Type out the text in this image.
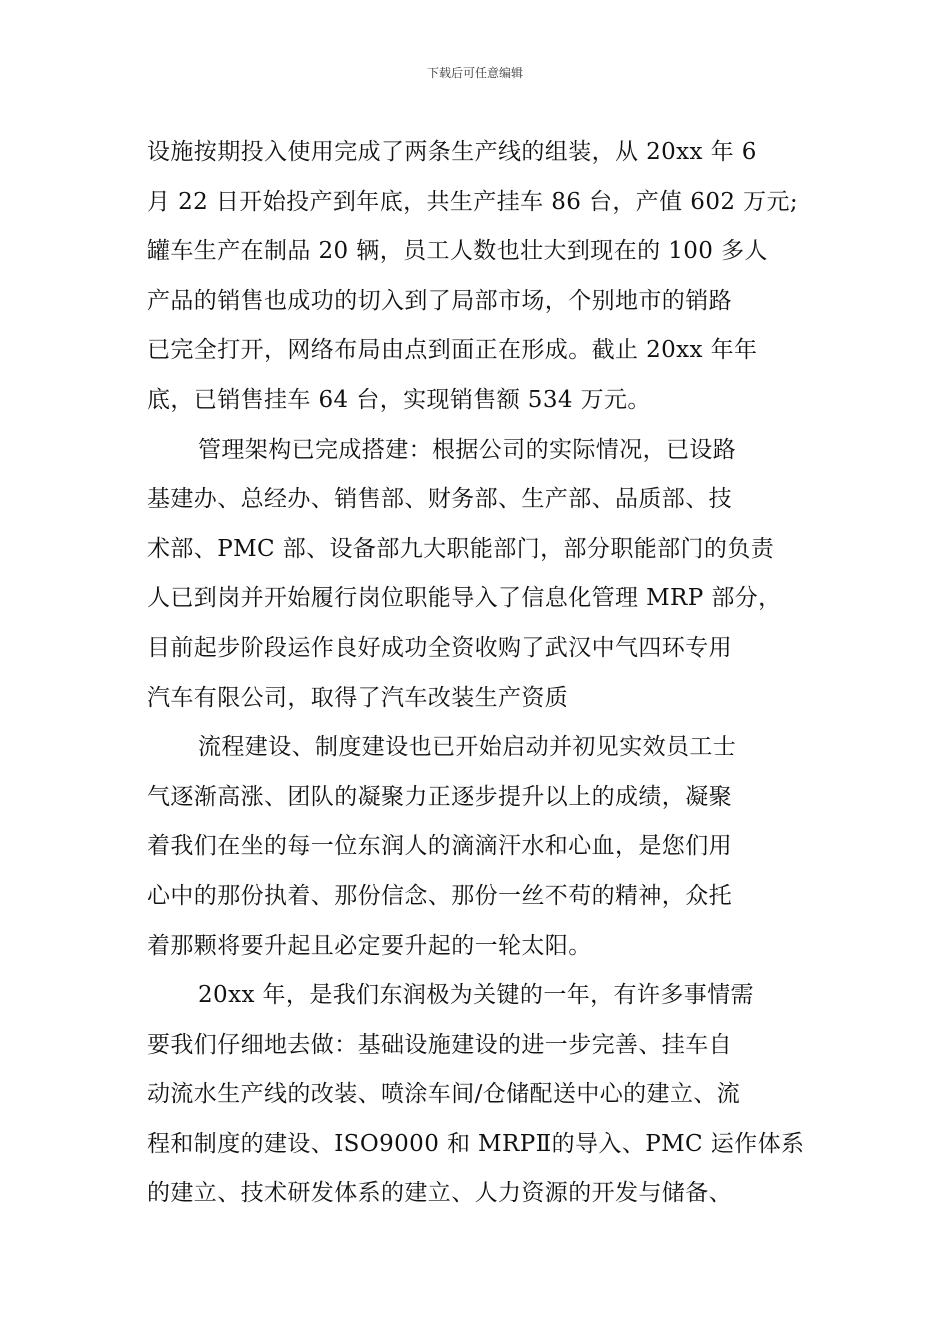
下载后可任意编辑
设施按期投入使用完成了两条生产线的组装，从 20xx 年 6
月 22 日开始投产到年底，共生产挂车 86 台，产值 602 万元;
罐车生产在制品 20 辆，员工人数也壮大到现在的 100 多人
产品的销售也成功的切入到了局部市场，个别地市的销路
已完全打开，网络布局由点到面正在形成。截止 20xx 年年
底，已销售挂车 64 台，实现销售额 534 万元。
管理架构已完成搭建：根据公司的实际情况，已设路
基建办、总经办、销售部、财务部、生产部、品质部、技
术部、PMC 部、设备部九大职能部门，部分职能部门的负责
人已到岗并开始履行岗位职能导入了信息化管理 MRP 部分，
目前起步阶段运作良好成功全资收购了武汉中气四环专用
汽车有限公司，取得了汽车改装生产资质
流程建设、制度建设也已开始启动并初见实效员工士
气逐渐高涨、团队的凝聚力正逐步提升以上的成绩，凝聚
着我们在坐的每一位东润人的滴滴汗水和心血，是您们用
心中的那份执着、那份信念、那份一丝不苟的精神，众托
着那颗将要升起且必定要升起的一轮太阳。
20xx 年，是我们东润极为关键的一年，有许多事情需
要我们仔细地去做：基础设施建设的进一步完善、挂车自
动流水生产线的改装、喷涂车间/仓储配送中心的建立、流
程和制度的建设、ISO9000 和 MRPⅡ的导入、PMC 运作体系
的建立、技术研发体系的建立、人力资源的开发与储备、
